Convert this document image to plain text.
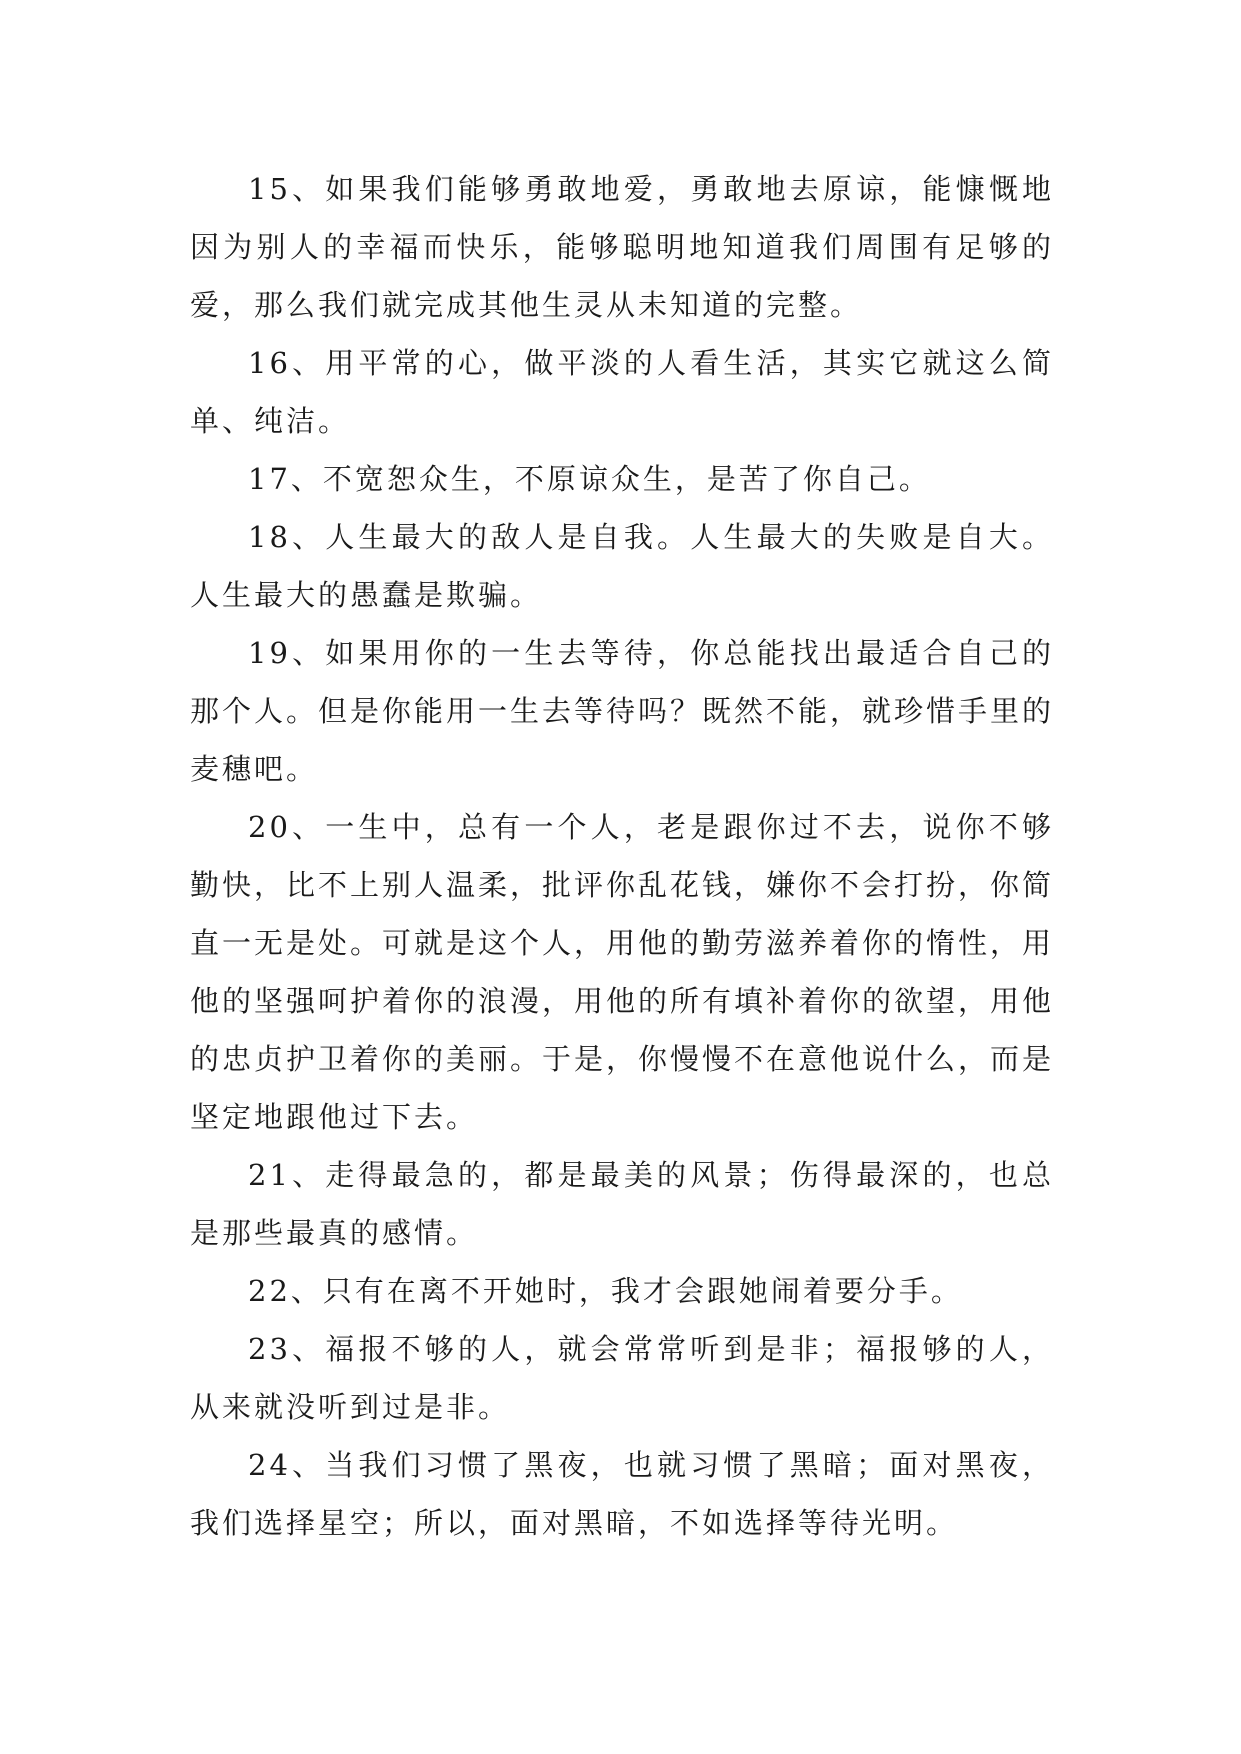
15、如果我们能够勇敢地爱，勇敢地去原谅，能慷慨地因为别人的幸福而快乐，能够聪明地知道我们周围有足够的爱，那么我们就完成其他生灵从未知道的完整。

16、用平常的心，做平淡的人看生活，其实它就这么简单、纯洁。

17、不宽恕众生，不原谅众生，是苦了你自己。

18、人生最大的敌人是自我。人生最大的失败是自大。人生最大的愚蠢是欺骗。

19、如果用你的一生去等待，你总能找出最适合自己的那个人。但是你能用一生去等待吗？既然不能，就珍惜手里的麦穗吧。

20、一生中，总有一个人，老是跟你过不去，说你不够勤快，比不上别人温柔，批评你乱花钱，嫌你不会打扮，你简直一无是处。可就是这个人，用他的勤劳滋养着你的惰性，用他的坚强呵护着你的浪漫，用他的所有填补着你的欲望，用他的忠贞护卫着你的美丽。于是，你慢慢不在意他说什么，而是坚定地跟他过下去。

21、走得最急的，都是最美的风景；伤得最深的，也总是那些最真的感情。

22、只有在离不开她时，我才会跟她闹着要分手。

23、福报不够的人，就会常常听到是非；福报够的人，从来就没听到过是非。

24、当我们习惯了黑夜，也就习惯了黑暗；面对黑夜，我们选择星空；所以，面对黑暗，不如选择等待光明。
